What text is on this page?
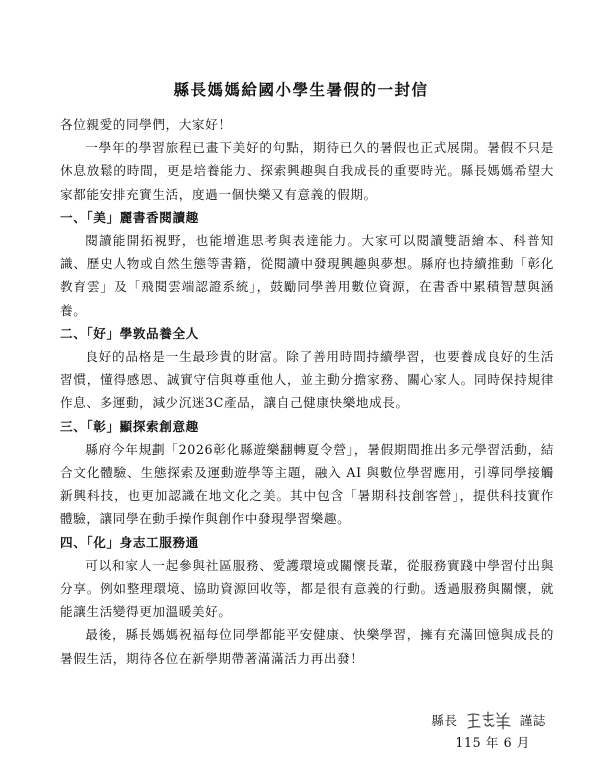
縣長媽媽給國小學生暑假的一封信

各位親愛的同學們，大家好！

一學年的學習旅程已畫下美好的句點，期待已久的暑假也正式展開。暑假不只是休息放鬆的時間，更是培養能力、探索興趣與自我成長的重要時光。縣長媽媽希望大家都能安排充實生活，度過一個快樂又有意義的假期。

一、「美」麗書香閱讀趣

閱讀能開拓視野，也能增進思考與表達能力。大家可以閱讀雙語繪本、科普知識、歷史人物或自然生態等書籍，從閱讀中發現興趣與夢想。縣府也持續推動「彰化教育雲」及「飛閱雲端認證系統」，鼓勵同學善用數位資源，在書香中累積智慧與涵養。

二、「好」學敦品養全人

良好的品格是一生最珍貴的財富。除了善用時間持續學習，也要養成良好的生活習慣，懂得感恩、誠實守信與尊重他人，並主動分擔家務、關心家人。同時保持規律作息、多運動，減少沉迷3C產品，讓自己健康快樂地成長。

三、「彰」顯探索創意趣

縣府今年規劃「2026彰化縣遊樂翻轉夏令營」，暑假期間推出多元學習活動，結合文化體驗、生態探索及運動遊學等主題，融入 AI 與數位學習應用，引導同學接觸新興科技，也更加認識在地文化之美。其中包含「暑期科技創客營」，提供科技實作體驗，讓同學在動手操作與創作中發現學習樂趣。

四、「化」身志工服務通

可以和家人一起參與社區服務、愛護環境或關懷長輩，從服務實踐中學習付出與分享。例如整理環境、協助資源回收等，都是很有意義的行動。透過服務與關懷，就能讓生活變得更加溫暖美好。

最後，縣長媽媽祝福每位同學都能平安健康、快樂學習，擁有充滿回憶與成長的暑假生活，期待各位在新學期帶著滿滿活力再出發！

縣長	謹誌
115 年 6 月
